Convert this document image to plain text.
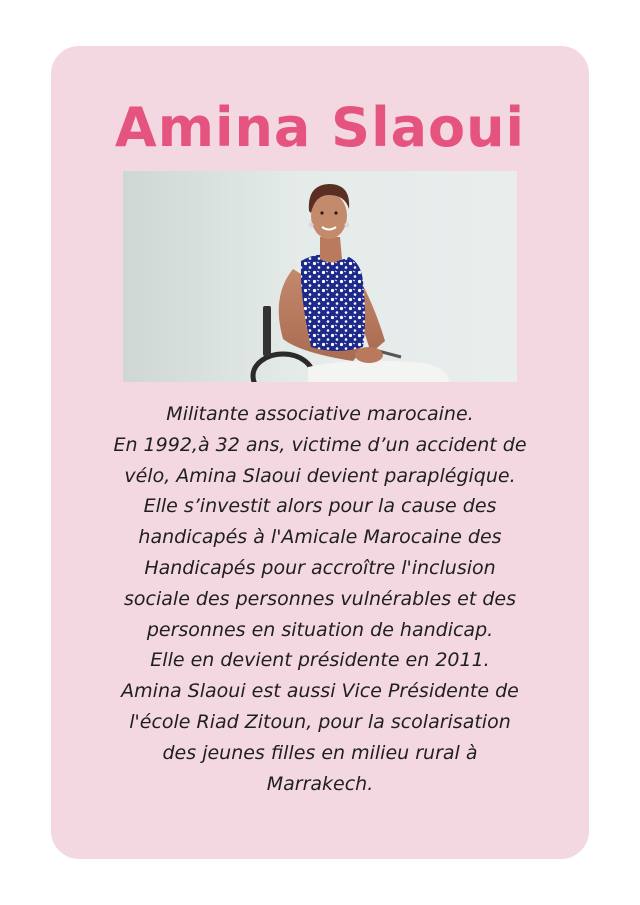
Amina Slaoui
Militante associative marocaine.
En 1992,à 32 ans, victime d’un accident de
vélo, Amina Slaoui devient paraplégique.
Elle s’investit alors pour la cause des
handicapés à l'Amicale Marocaine des
Handicapés pour accroître l'inclusion
sociale des personnes vulnérables et des
personnes en situation de handicap.
Elle en devient présidente en 2011.
Amina Slaoui est aussi Vice Présidente de
l'école Riad Zitoun, pour la scolarisation
des jeunes filles en milieu rural à
Marrakech.
